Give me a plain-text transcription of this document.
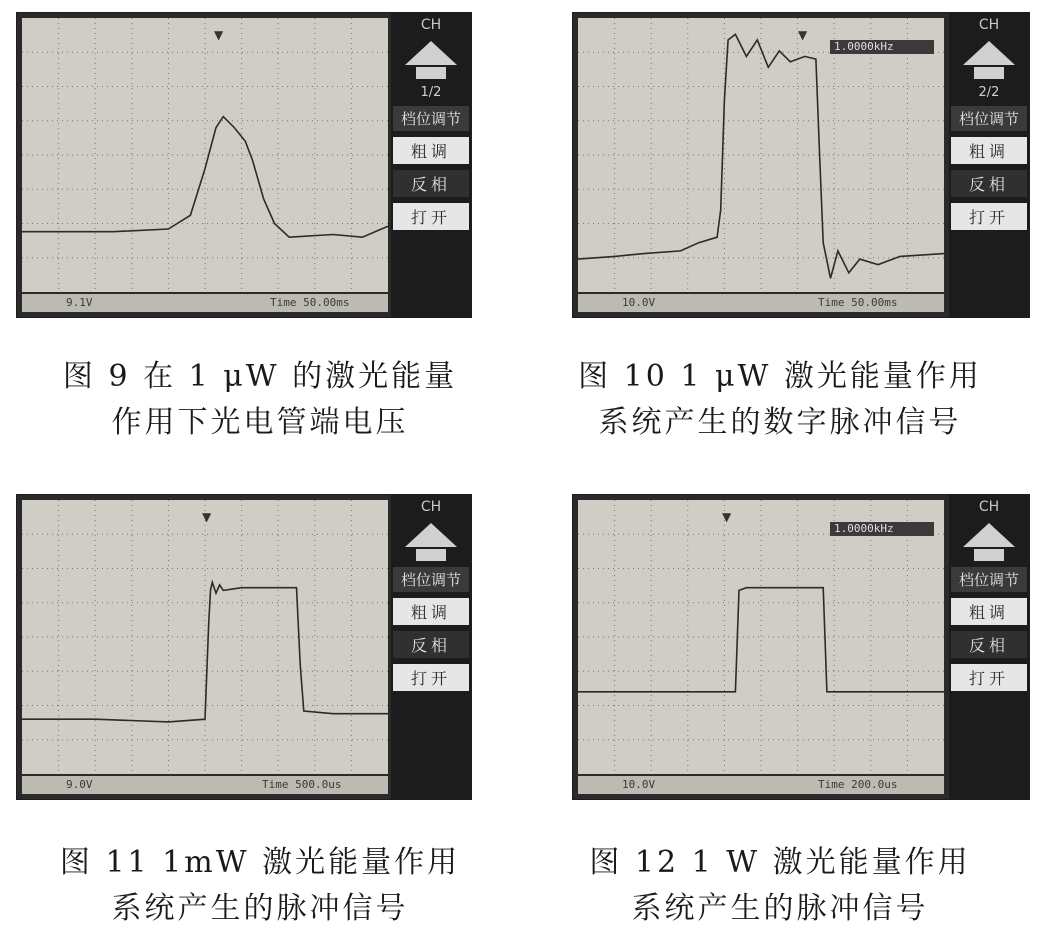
▼
9.1V	Time 50.00ms
CH
1/2
档位调节
粗调
反相
打开
图 9 在 1 μW 的激光能量
作用下光电管端电压
1.0000kHz
▼
10.0V	Time 50.00ms
CH
2/2
档位调节
粗调
反相
打开
图 10 1 μW 激光能量作用
系统产生的数字脉冲信号
▼
9.0V	Time 500.0us
CH
档位调节
粗调
反相
打开
图 11 1mW 激光能量作用
系统产生的脉冲信号
1.0000kHz
▼
10.0V	Time 200.0us
CH
档位调节
粗调
反相
打开
图 12 1 W 激光能量作用
系统产生的脉冲信号
